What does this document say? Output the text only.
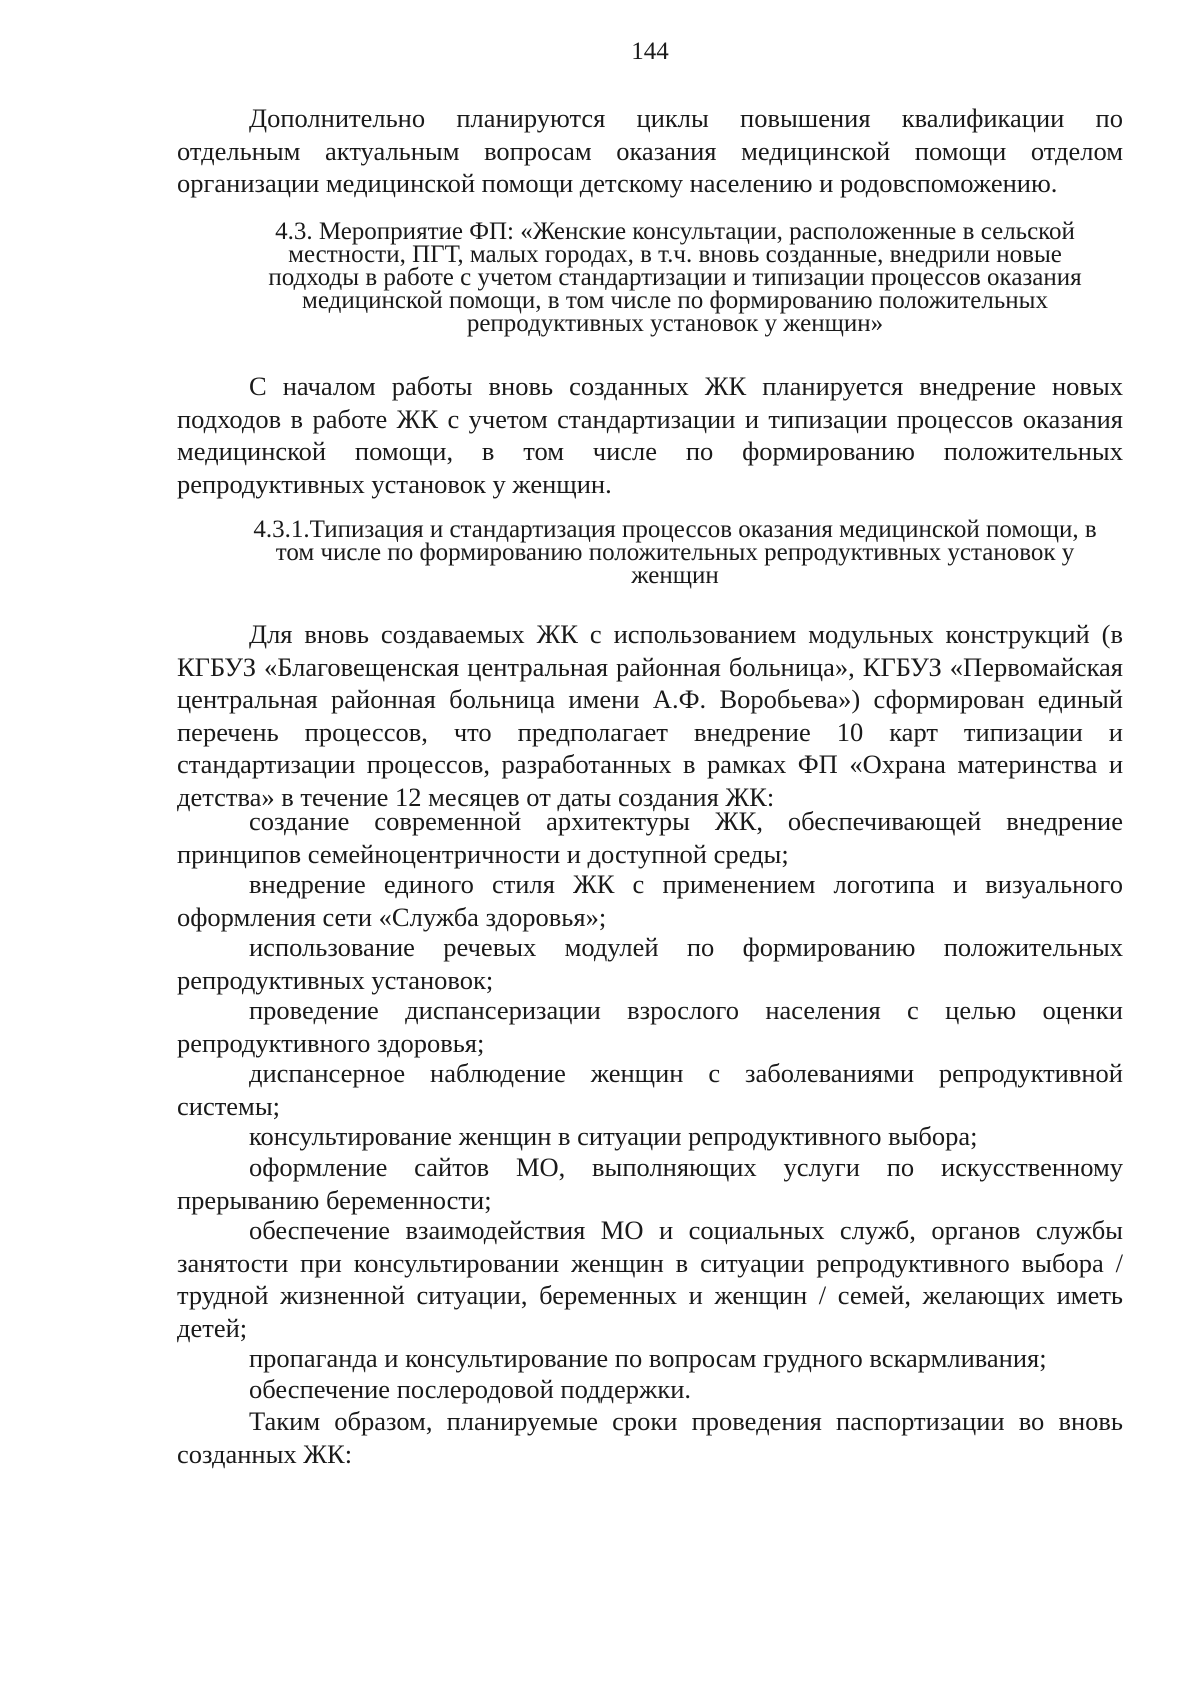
144

Дополнительно планируются циклы повышения квалификации по отдельным актуальным вопросам оказания медицинской помощи отделом организации медицинской помощи детскому населению и родовспоможению.

4.3. Мероприятие ФП: «Женские консультации, расположенные в сельской местности, ПГТ, малых городах, в т.ч. вновь созданные, внедрили новые подходы в работе с учетом стандартизации и типизации процессов оказания медицинской помощи, в том числе по формированию положительных репродуктивных установок у женщин»

С началом работы вновь созданных ЖК планируется внедрение новых подходов в работе ЖК с учетом стандартизации и типизации процессов оказания медицинской помощи, в том числе по формированию положительных репродуктивных установок у женщин.

4.3.1.Типизация и стандартизация процессов оказания медицинской помощи, в том числе по формированию положительных репродуктивных установок у женщин

Для вновь создаваемых ЖК с использованием модульных конструкций (в КГБУЗ «Благовещенская центральная районная больница», КГБУЗ «Первомайская центральная районная больница имени А.Ф. Воробьева») сформирован единый перечень процессов, что предполагает внедрение 10 карт типизации и стандартизации процессов, разработанных в рамках ФП «Охрана материнства и детства» в течение 12 месяцев от даты создания ЖК:

создание современной архитектуры ЖК, обеспечивающей внедрение принципов семейноцентричности и доступной среды;

внедрение единого стиля ЖК с применением логотипа и визуального оформления сети «Служба здоровья»;

использование речевых модулей по формированию положительных репродуктивных установок;

проведение диспансеризации взрослого населения с целью оценки репродуктивного здоровья;

диспансерное наблюдение женщин с заболеваниями репродуктивной системы;

консультирование женщин в ситуации репродуктивного выбора;

оформление сайтов МО, выполняющих услуги по искусственному прерыванию беременности;

обеспечение взаимодействия МО и социальных служб, органов службы занятости при консультировании женщин в ситуации репродуктивного выбора / трудной жизненной ситуации, беременных и женщин / семей, желающих иметь детей;

пропаганда и консультирование по вопросам грудного вскармливания;

обеспечение послеродовой поддержки.

Таким образом, планируемые сроки проведения паспортизации во вновь созданных ЖК:
